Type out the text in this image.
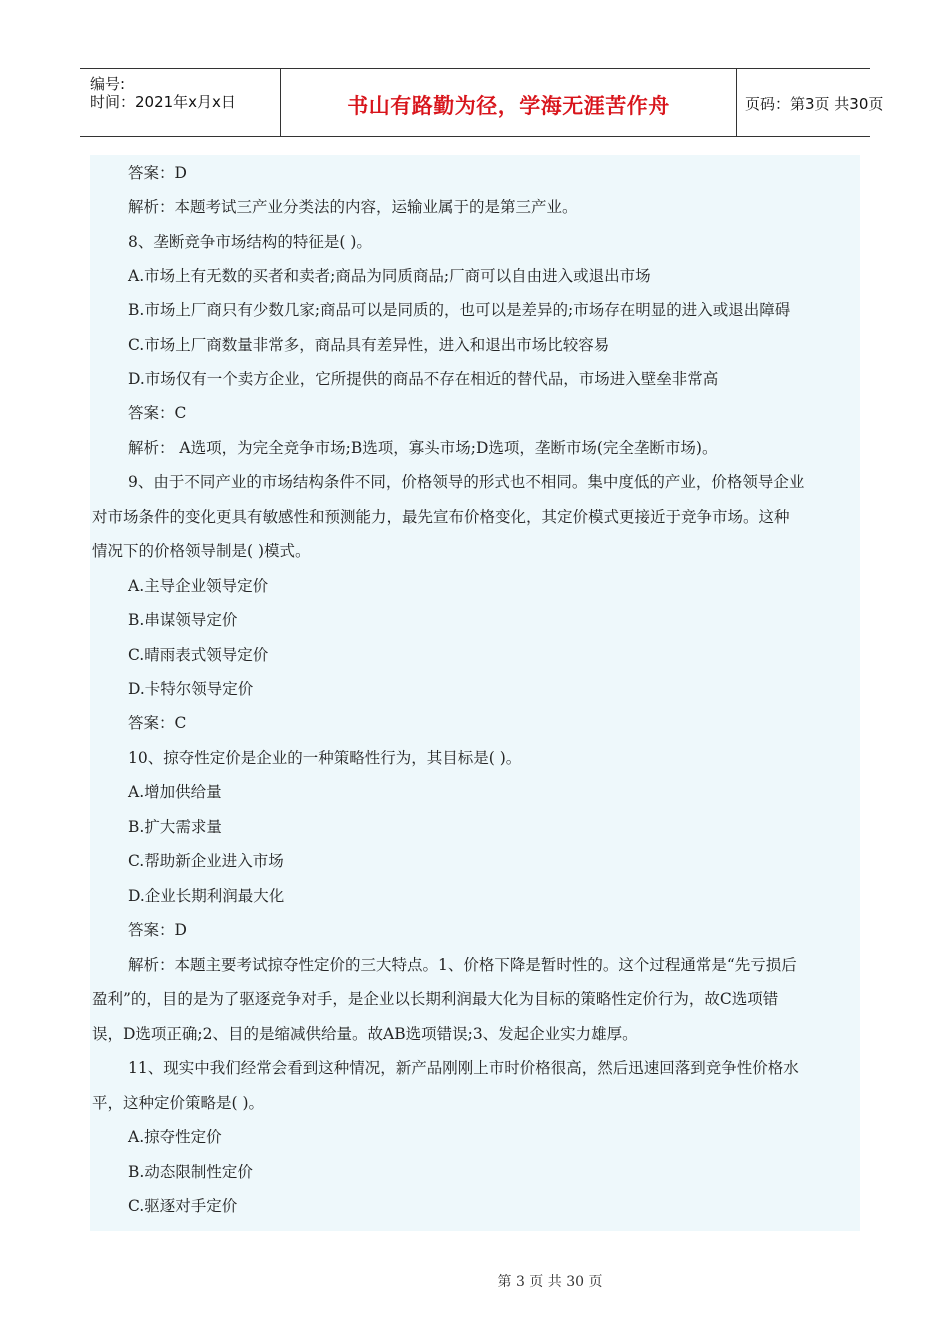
编号:
时间：2021年x月x日	书山有路勤为径，学海无涯苦作舟	页码：第3页 共30页
答案：D
解析：本题考试三产业分类法的内容，运输业属于的是第三产业。
8、垄断竞争市场结构的特征是( )。
A.市场上有无数的买者和卖者;商品为同质商品;厂商可以自由进入或退出市场
B.市场上厂商只有少数几家;商品可以是同质的，也可以是差异的;市场存在明显的进入或退出障碍
C.市场上厂商数量非常多，商品具有差异性，进入和退出市场比较容易
D.市场仅有一个卖方企业，它所提供的商品不存在相近的替代品，市场进入壁垒非常高
答案：C
解析： A选项，为完全竞争市场;B选项，寡头市场;D选项，垄断市场(完全垄断市场)。
9、由于不同产业的市场结构条件不同，价格领导的形式也不相同。集中度低的产业，价格领导企业
对市场条件的变化更具有敏感性和预测能力，最先宣布价格变化，其定价模式更接近于竞争市场。这种
情况下的价格领导制是( )模式。
A.主导企业领导定价
B.串谋领导定价
C.晴雨表式领导定价
D.卡特尔领导定价
答案：C
10、掠夺性定价是企业的一种策略性行为，其目标是( )。
A.增加供给量
B.扩大需求量
C.帮助新企业进入市场
D.企业长期利润最大化
答案：D
解析：本题主要考试掠夺性定价的三大特点。1、价格下降是暂时性的。这个过程通常是“先亏损后
盈利”的，目的是为了驱逐竞争对手，是企业以长期利润最大化为目标的策略性定价行为，故C选项错
误，D选项正确;2、目的是缩减供给量。故AB选项错误;3、发起企业实力雄厚。
11、现实中我们经常会看到这种情况，新产品刚刚上市时价格很高，然后迅速回落到竞争性价格水
平，这种定价策略是( )。
A.掠夺性定价
B.动态限制性定价
C.驱逐对手定价
第 3 页 共 30 页
